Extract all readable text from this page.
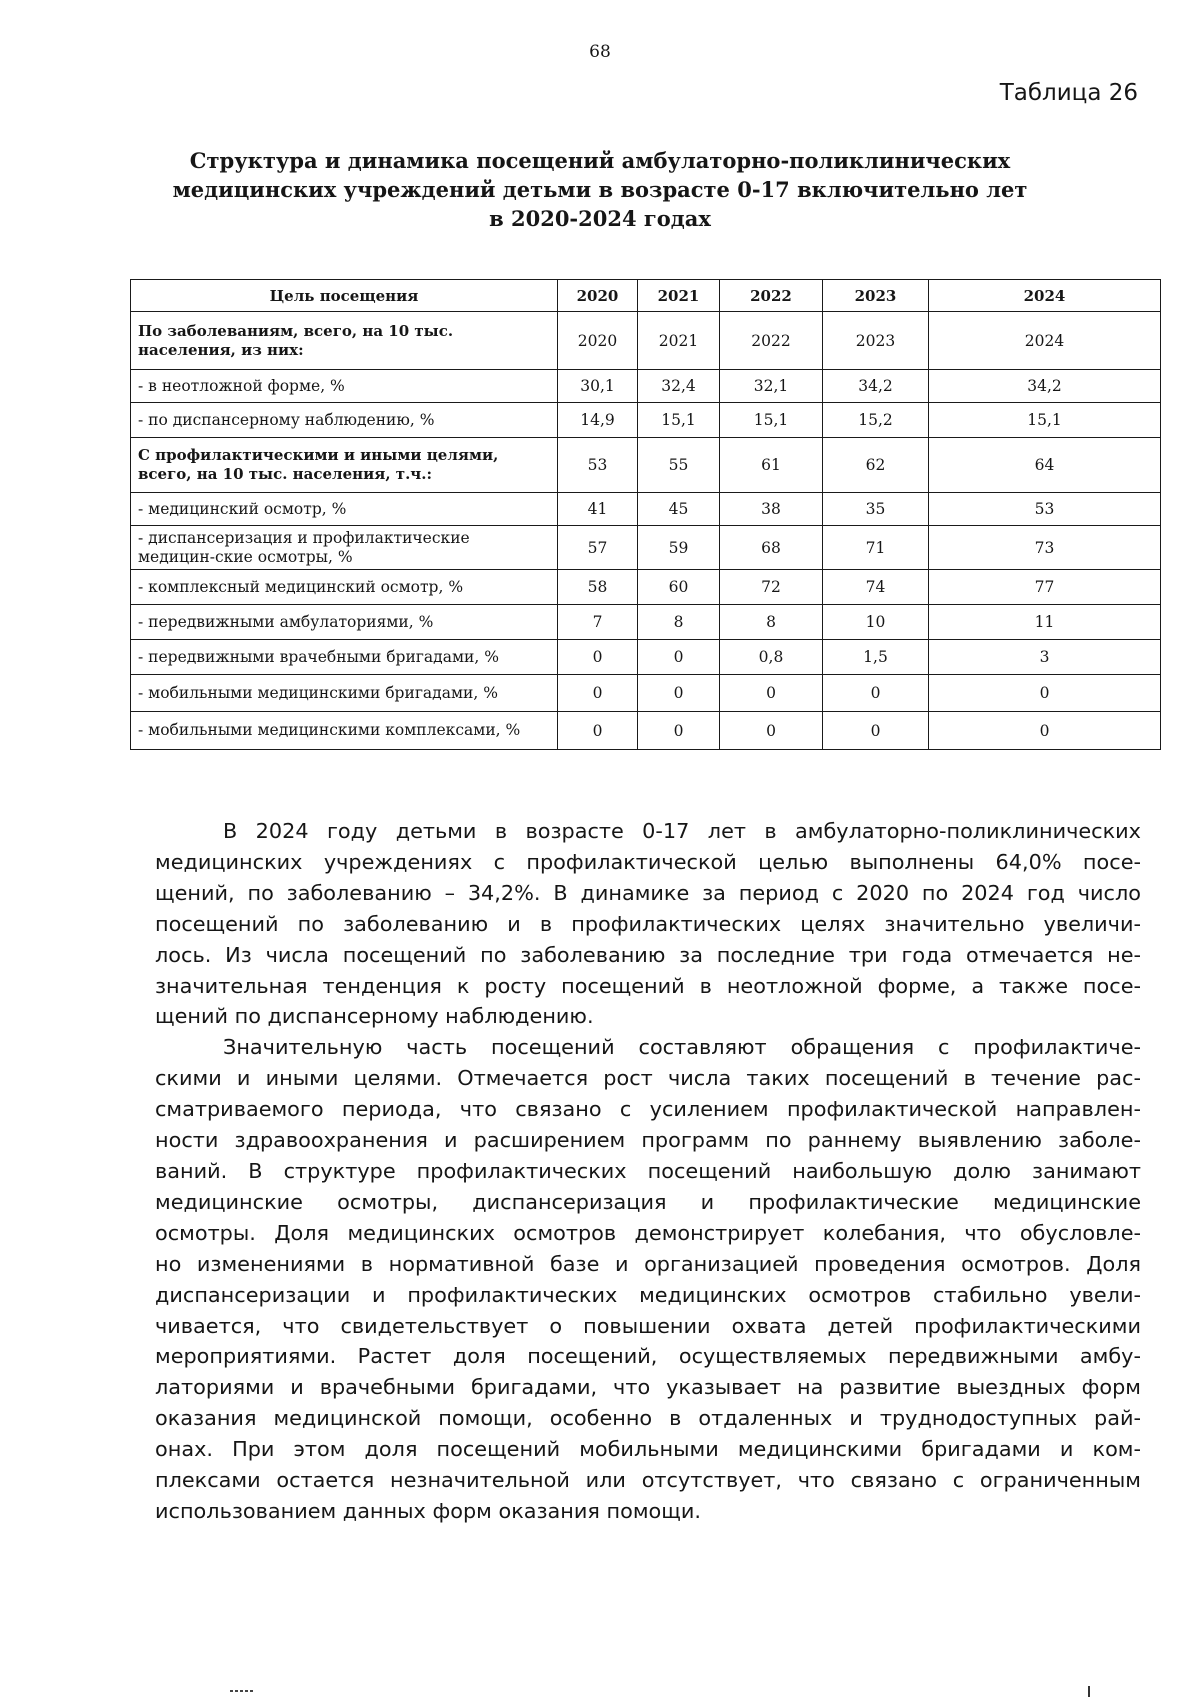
68
Таблица 26
Структура и динамика посещений амбулаторно-поликлинических
медицинских учреждений детьми в возрасте 0-17 включительно лет
в 2020-2024 годах
Цель посещения	2020	2021	2022	2023	2024
По заболеваниям, всего, на 10 тыс. населения, из них:	2020	2021	2022	2023	2024
- в неотложной форме, %	30,1	32,4	32,1	34,2	34,2
- по диспансерному наблюдению, %	14,9	15,1	15,1	15,2	15,1
С профилактическими и иными целями, всего, на 10 тыс. населения, т.ч.:	53	55	61	62	64
- медицинский осмотр, %	41	45	38	35	53
- диспансеризация и профилактические медицин-ские осмотры, %	57	59	68	71	73
- комплексный медицинский осмотр, %	58	60	72	74	77
- передвижными амбулаториями, %	7	8	8	10	11
- передвижными врачебными бригадами, %	0	0	0,8	1,5	3
- мобильными медицинскими бригадами, %	0	0	0	0	0
- мобильными медицинскими комплексами, %	0	0	0	0	0
В 2024 году детьми в возрасте 0-17 лет в амбулаторно-поликлинических
медицинских учреждениях с профилактической целью выполнены 64,0% посе-
щений, по заболеванию – 34,2%. В динамике за период с 2020 по 2024 год число
посещений по заболеванию и в профилактических целях значительно увеличи-
лось. Из числа посещений по заболеванию за последние три года отмечается не-
значительная тенденция к росту посещений в неотложной форме, а также посе-
щений по диспансерному наблюдению.
Значительную часть посещений составляют обращения с профилактиче-
скими и иными целями. Отмечается рост числа таких посещений в течение рас-
сматриваемого периода, что связано с усилением профилактической направлен-
ности здравоохранения и расширением программ по раннему выявлению заболе-
ваний. В структуре профилактических посещений наибольшую долю занимают
медицинские осмотры, диспансеризация и профилактические медицинские
осмотры. Доля медицинских осмотров демонстрирует колебания, что обусловле-
но изменениями в нормативной базе и организацией проведения осмотров. Доля
диспансеризации и профилактических медицинских осмотров стабильно увели-
чивается, что свидетельствует о повышении охвата детей профилактическими
мероприятиями. Растет доля посещений, осуществляемых передвижными амбу-
латориями и врачебными бригадами, что указывает на развитие выездных форм
оказания медицинской помощи, особенно в отдаленных и труднодоступных рай-
онах. При этом доля посещений мобильными медицинскими бригадами и ком-
плексами остается незначительной или отсутствует, что связано с ограниченным
использованием данных форм оказания помощи.
